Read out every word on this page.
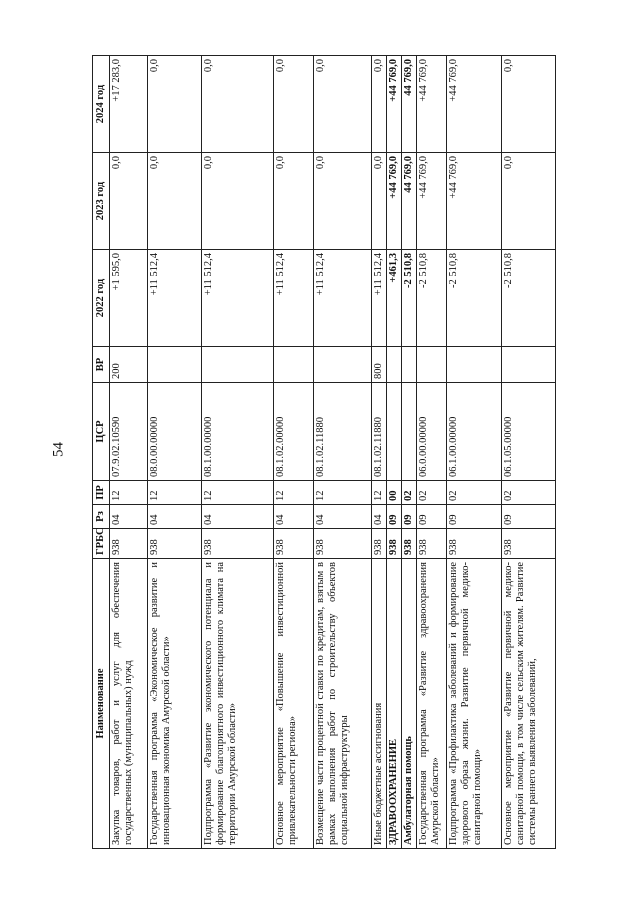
54
Наименование	ГРБС	Рз	ПР	ЦСР	ВР	2022 год	2023 год	2024 год
Закупка товаров, работ и услуг для обеспечения государственных (муниципальных) нужд	938	04	12	07.9.02.10590	200	+1 595,0	0,0	+17 283,0
Государственная программа «Экономическое развитие и инновационная экономика Амурской области»	938	04	12	08.0.00.00000		+11 512,4	0,0	0,0
Подпрограмма «Развитие экономического потенциала и формирование благоприятного инвестиционного климата на территории Амурской области»	938	04	12	08.1.00.00000		+11 512,4	0,0	0,0
Основное мероприятие «Повышение инвестиционной привлекательности региона»	938	04	12	08.1.02.00000		+11 512,4	0,0	0,0
Возмещение части процентной ставки по кредитам, взятым в рамках выполнения работ по строительству объектов социальной инфраструктуры	938	04	12	08.1.02.11880		+11 512,4	0,0	0,0
Иные бюджетные ассигнования	938	04	12	08.1.02.11880	800	+11 512,4	0,0	0,0
ЗДРАВООХРАНЕНИЕ	938	09	00			+461,3	+44 769,0	+44 769,0
Амбулаторная помощь	938	09	02			-2 510,8	44 769,0	44 769,0
Государственная программа «Развитие здравоохранения Амурской области»	938	09	02	06.0.00.00000		-2 510,8	+44 769,0	+44 769,0
Подпрограмма «Профилактика заболеваний и формирование здорового образа жизни. Развитие первичной медико-санитарной помощи»	938	09	02	06.1.00.00000		-2 510,8	+44 769,0	+44 769,0
Основное мероприятие «Развитие первичной медико-санитарной помощи, в том числе сельским жителям. Развитие системы раннего выявления заболеваний,	938	09	02	06.1.05.00000		-2 510,8	0,0	0,0
